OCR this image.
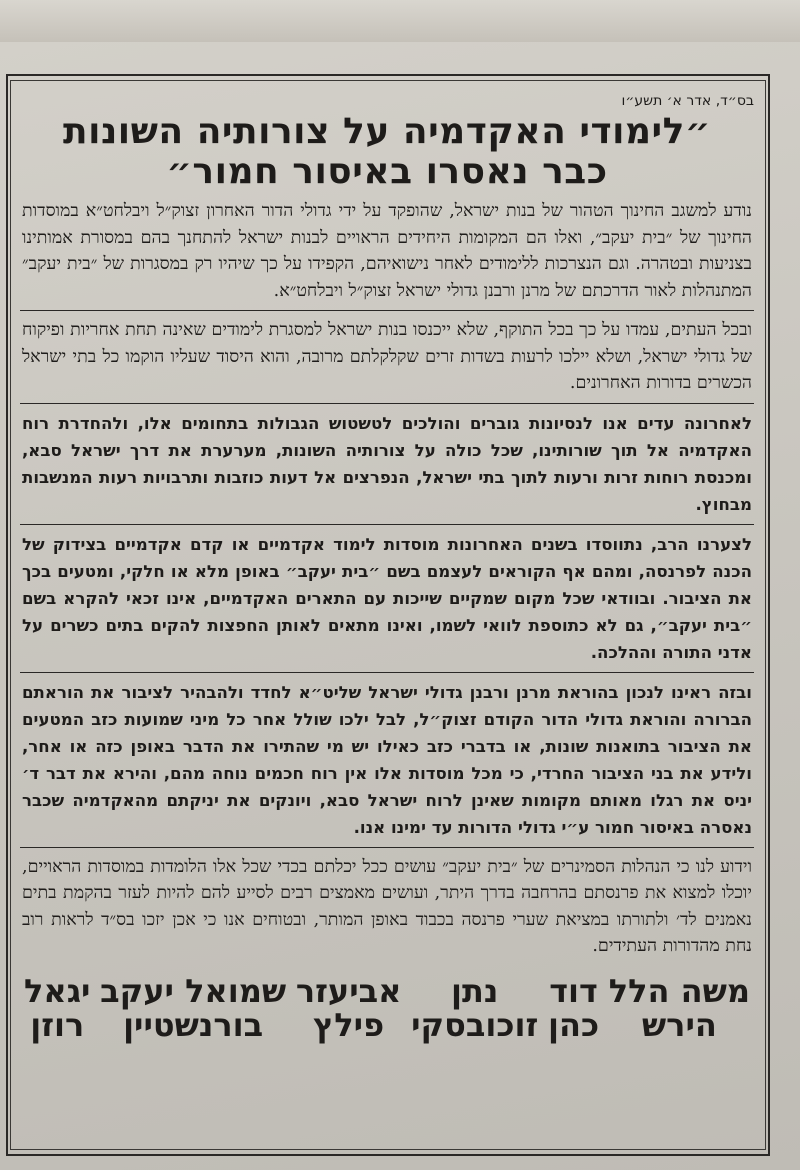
בס״ד, אדר א׳ תשע״ו
״לימודי האקדמיה על צורותיה השונות
כבר נאסרו באיסור חמור״

נודע למשגב החינוך הטהור של בנות ישראל, שהופקד על ידי גדולי הדור האחרון זצוק״ל ויבלחט״א במוסדות החינוך של ״בית יעקב״, ואלו הם המקומות היחידים הראויים לבנות ישראל להתחנך בהם במסורת אמותינו בצניעות ובטהרה. וגם הנצרכות ללימודים לאחר נישואיהם, הקפידו על כך שיהיו רק במסגרות של ״בית יעקב״ המתנהלות לאור הדרכתם של מרנן ורבנן גדולי ישראל זצוק״ל ויבלחט״א.

ובכל העתים, עמדו על כך בכל התוקף, שלא ייכנסו בנות ישראל למסגרת לימודים שאינה תחת אחריות ופיקוח של גדולי ישראל, ושלא יילכו לרעות בשדות זרים שקלקלתם מרובה, והוא היסוד שעליו הוקמו כל בתי ישראל הכשרים בדורות האחרונים.

לאחרונה עדים אנו לנסיונות גוברים והולכים לטשטוש הגבולות בתחומים אלו, ולהחדרת רוח האקדמיה אל תוך שורותינו, שכל כולה על צורותיה השונות, מערערת את דרך ישראל סבא, ומכנסת רוחות זרות ורעות לתוך בתי ישראל, הנפרצים אל דעות כוזבות ותרבויות רעות המנשבות מבחוץ.

לצערנו הרב, נתווסדו בשנים האחרונות מוסדות לימוד אקדמיים או קדם אקדמיים בצידוק של הכנה לפרנסה, ומהם אף הקוראים לעצמם בשם ״בית יעקב״ באופן מלא או חלקי, ומטעים בכך את הציבור. ובוודאי שכל מקום שמקיים שייכות עם התארים האקדמיים, אינו זכאי להקרא בשם ״בית יעקב״, גם לא כתוספת לוואי לשמו, ואינו מתאים לאותן החפצות להקים בתים כשרים על אדני התורה וההלכה.

ובזה ראינו לנכון בהוראת מרנן ורבנן גדולי ישראל שליט״א לחדד ולהבהיר לציבור את הוראתם הברורה והוראת גדולי הדור הקודם זצוק״ל, לבל ילכו שולל אחר כל מיני שמועות כזב המטעים את הציבור בתואנות שונות, או בדברי כזב כאילו יש מי שהתירו את הדבר באופן כזה או אחר, ולידע את בני הציבור החרדי, כי מכל מוסדות אלו אין רוח חכמים נוחה מהם, והירא את דבר ד׳ יניס את רגלו מאותם מקומות שאינן לרוח ישראל סבא, ויונקים את יניקתם מהאקדמיה שכבר נאסרה באיסור חמור ע״י גדולי הדורות עד ימינו אנו.

וידוע לנו כי הנהלות הסמינרים של ״בית יעקב״ עושים ככל יכלתם בכדי שכל אלו הלומדות במוסדות הראויים, יוכלו למצוא את פרנסתם בהרחבה בדרך היתר, ועושים מאמצים רבים לסייע להם להיות לעזר בהקמת בתים נאמנים לד׳ ולתורתו במציאת שערי פרנסה בכבוד באופן המותר, ובטוחים אנו כי אכן יזכו בס״ד לראות רוב נחת מהדורות העתידים.

משה הלל
הירש
דוד
כהן
נתן
זוכובסקי
אביעזר
פילץ
שמואל יעקב
בורנשטיין
יגאל
רוזן
